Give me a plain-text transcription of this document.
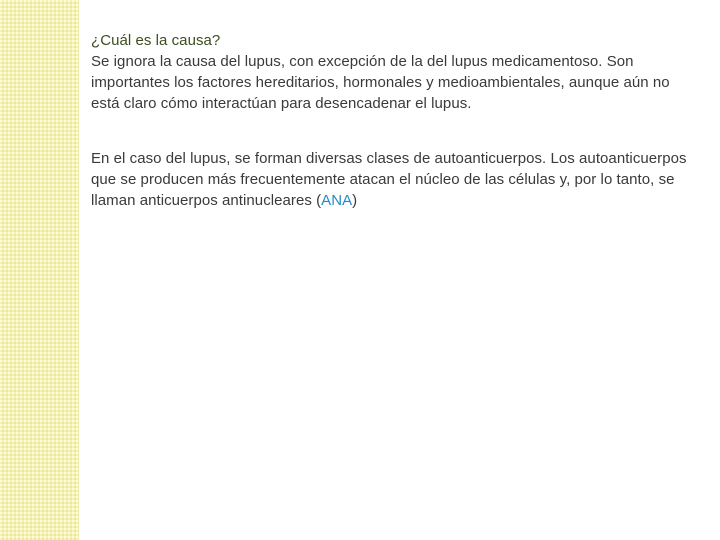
¿Cuál es la causa?
Se ignora la causa del lupus, con excepción de la del lupus medicamentoso. Son importantes los factores hereditarios, hormonales y medioambientales, aunque aún no está claro cómo interactúan para desencadenar el lupus.

En el caso del lupus, se forman diversas clases de autoanticuerpos. Los autoanticuerpos que se producen más frecuentemente atacan el núcleo de las células y, por lo tanto, se llaman anticuerpos antinucleares (ANA)
